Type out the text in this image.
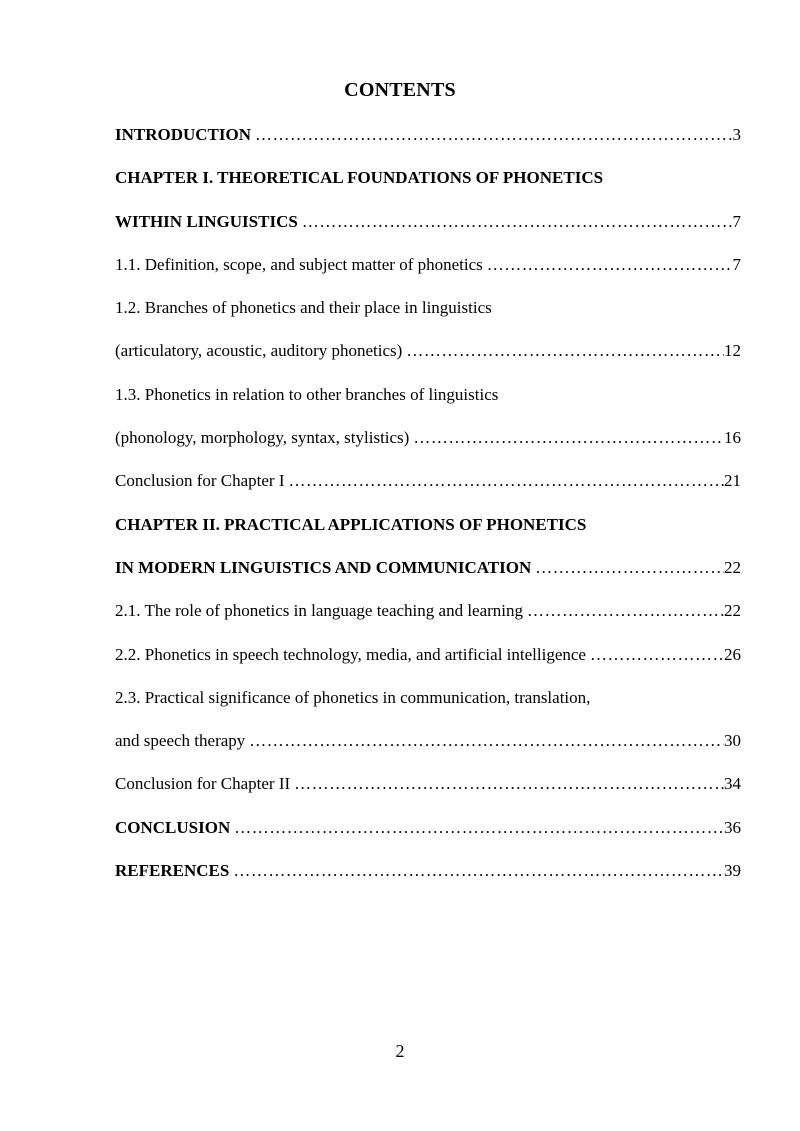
CONTENTS
INTRODUCTION ……………………………………………………………………………………………………………………………………………………	3
CHAPTER I. THEORETICAL FOUNDATIONS OF PHONETICS
WITHIN LINGUISTICS ……………………………………………………………………………………………………………………………………………………	7
1.1. Definition, scope, and subject matter of phonetics ……………………………………………………………………………………………………………………………………………………	7
1.2. Branches of phonetics and their place in linguistics
(articulatory, acoustic, auditory phonetics) ……………………………………………………………………………………………………………………………………………………	12
1.3. Phonetics in relation to other branches of linguistics
(phonology, morphology, syntax, stylistics) ……………………………………………………………………………………………………………………………………………………	16
Conclusion for Chapter I ……………………………………………………………………………………………………………………………………………………	21
CHAPTER II. PRACTICAL APPLICATIONS OF PHONETICS
IN MODERN LINGUISTICS AND COMMUNICATION ……………………………………………………………………………………………………………………………………………………	22
2.1. The role of phonetics in language teaching and learning ……………………………………………………………………………………………………………………………………………………	22
2.2. Phonetics in speech technology, media, and artificial intelligence ……………………………………………………………………………………………………………………………………………………	26
2.3. Practical significance of phonetics in communication, translation,
and speech therapy ……………………………………………………………………………………………………………………………………………………	30
Conclusion for Chapter II ……………………………………………………………………………………………………………………………………………………	34
CONCLUSION ……………………………………………………………………………………………………………………………………………………	36
REFERENCES ……………………………………………………………………………………………………………………………………………………	39
2
